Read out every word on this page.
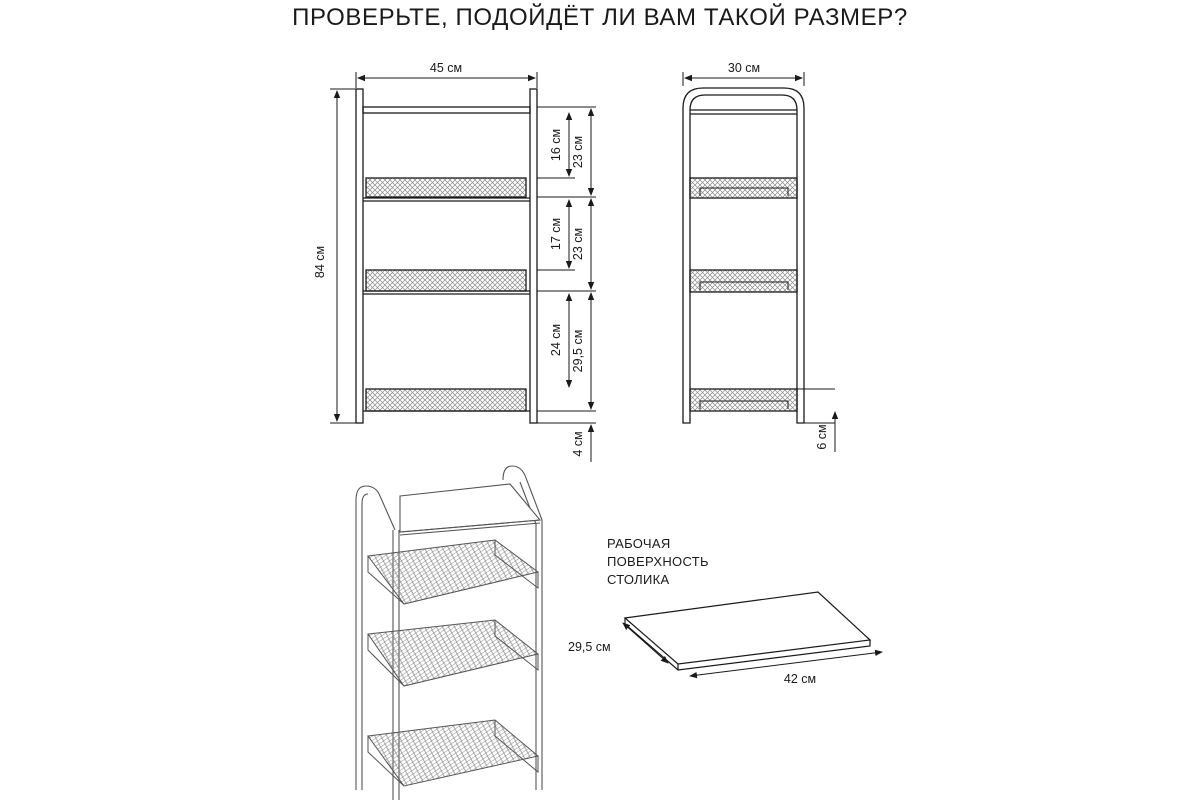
ПРОВЕРЬТЕ, ПОДОЙДЁТ ЛИ ВАМ ТАКОЙ РАЗМЕР?
45 см
84 см
16 см 23 см
17 см 23 см
24 см 29,5 см
4 см
30 см
6 см
РАБОЧАЯ
ПОВЕРХНОСТЬ
СТОЛИКА
29,5 см
42 см
